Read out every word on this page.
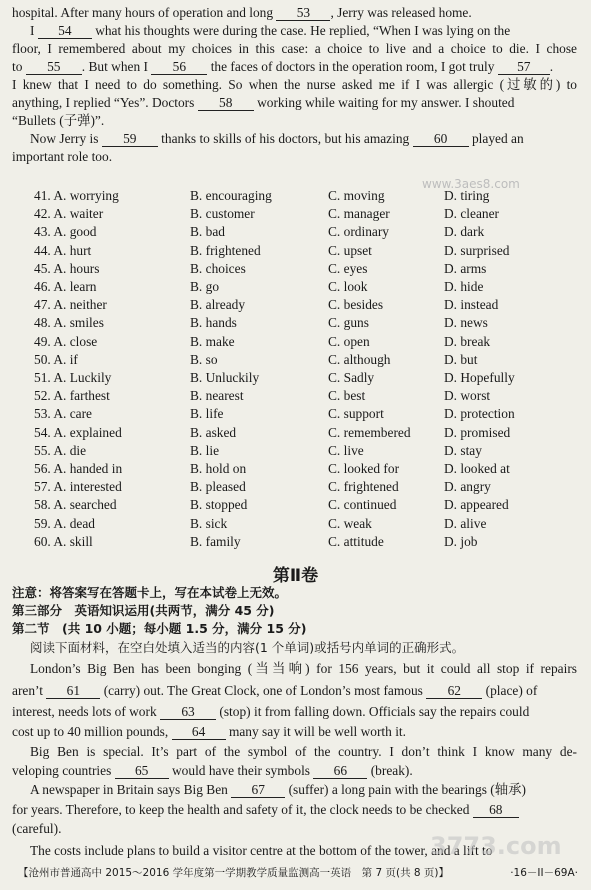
hospital. After many hours of operation and long 53 , Jerry was released home.
I 54 what his thoughts were during the case. He replied, “When I was lying on the
floor, I remembered about my choices in this case: a choice to live and a choice to die. I chose
to 55 . But when I 56 the faces of doctors in the operation room, I got truly 57 .
I knew that I need to do something. So when the nurse asked me if I was allergic (过敏的) to
anything, I replied “Yes”. Doctors 58 working while waiting for my answer. I shouted
“Bullets (子弹)”.
Now Jerry is 59 thanks to skills of his doctors, but his amazing 60 played an
important role too.
www.3aes8.com
41. A. worrying	B. encouraging	C. moving	D. tiring
42. A. waiter	B. customer	C. manager	D. cleaner
43. A. good	B. bad	C. ordinary	D. dark
44. A. hurt	B. frightened	C. upset	D. surprised
45. A. hours	B. choices	C. eyes	D. arms
46. A. learn	B. go	C. look	D. hide
47. A. neither	B. already	C. besides	D. instead
48. A. smiles	B. hands	C. guns	D. news
49. A. close	B. make	C. open	D. break
50. A. if	B. so	C. although	D. but
51. A. Luckily	B. Unluckily	C. Sadly	D. Hopefully
52. A. farthest	B. nearest	C. best	D. worst
53. A. care	B. life	C. support	D. protection
54. A. explained	B. asked	C. remembered D. promised
55. A. die	B. lie	C. live	D. stay
56. A. handed in	B. hold on	C. looked for	D. looked at
57. A. interested	B. pleased	C. frightened	D. angry
58. A. searched	B. stopped	C. continued	D. appeared
59. A. dead	B. sick	C. weak	D. alive
60. A. skill	B. family	C. attitude	D. job
第Ⅱ卷
注意：将答案写在答题卡上，写在本试卷上无效。
第三部分　英语知识运用(共两节，满分 45 分)
第二节　(共 10 小题；每小题 1.5 分，满分 15 分)
阅读下面材料，在空白处填入适当的内容(1 个单词)或括号内单词的正确形式。
London’s Big Ben has been bonging (当当响) for 156 years, but it could all stop if repairs
aren’t 61 (carry) out. The Great Clock, one of London’s most famous 62 (place) of
interest, needs lots of work 63 (stop) it from falling down. Officials say the repairs could
cost up to 40 million pounds, 64 many say it will be well worth it.
Big Ben is special. It’s part of the symbol of the country. I don’t think I know many de-
veloping countries 65 would have their symbols 66 (break).
A newspaper in Britain says Big Ben 67 (suffer) a long pain with the bearings (轴承)
for years. Therefore, to keep the health and safety of it, the clock needs to be checked 68
(careful).
The costs include plans to build a visitor centre at the bottom of the tower, and a lift to
3773.com
【沧州市普通高中 2015～2016 学年度第一学期教学质量监测高一英语　第 7 页(共 8 页)】	·16－II－69A·
